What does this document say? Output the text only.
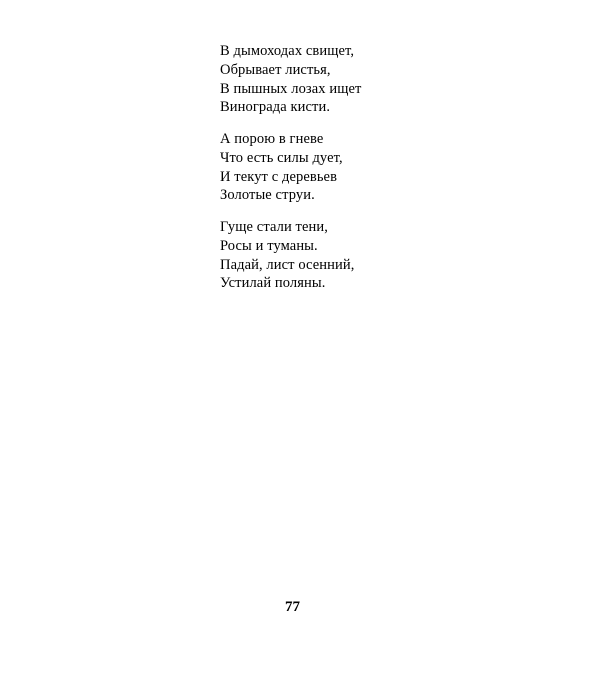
В дымоходах свищет,
Обрывает листья,
В пышных лозах ищет
Винограда кисти.
А порою в гневе
Что есть силы дует,
И текут с деревьев
Золотые струи.
Гуще стали тени,
Росы и туманы.
Падай, лист осенний,
Устилай поляны.
77
